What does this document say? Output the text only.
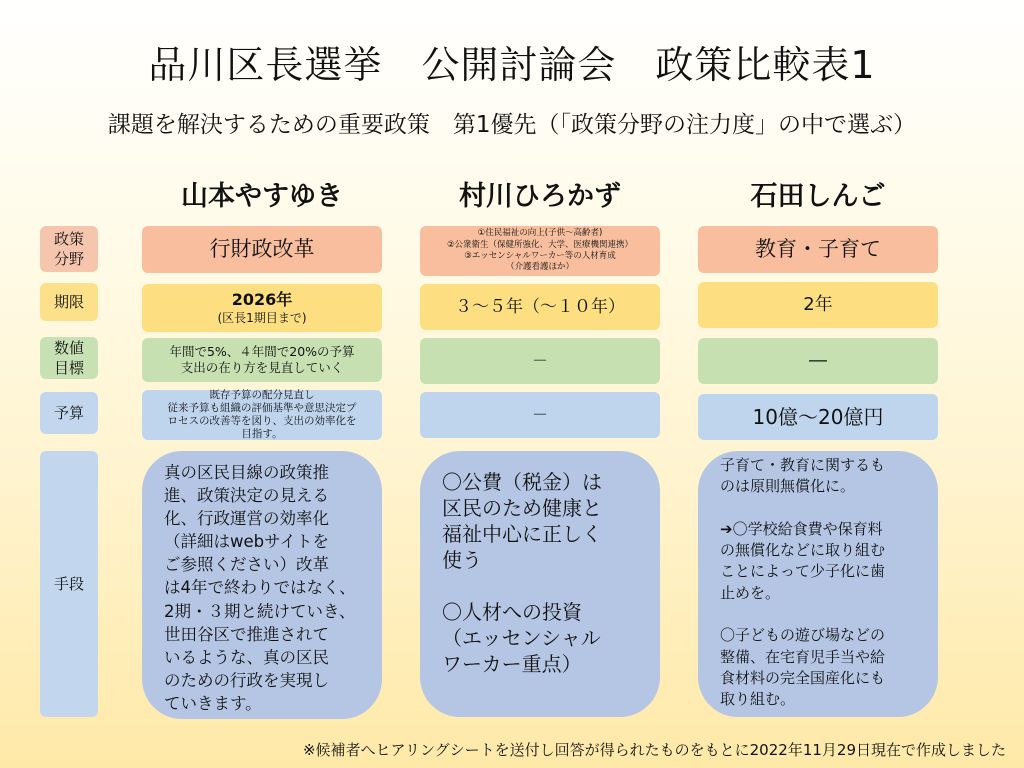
品川区長選挙　公開討論会　政策比較表1
課題を解決するための重要政策　第1優先（「政策分野の注力度」の中で選ぶ）
山本やすゆき	村川ひろかず	石田しんご
政策
分野
期限
数値
目標
予算
手段
行財政改革
2026年
(区長1期目まで)
年間で5%、４年間で20%の予算
支出の在り方を見直していく
既存予算の配分見直し
従来予算も組織の評価基準や意思決定プ
ロセスの改善等を図り、支出の効率化を
目指す。
真の区民目線の政策推
進、政策決定の見える
化、行政運営の効率化
（詳細はwebサイトを
ご参照ください）改革
は4年で終わりではなく、
2期・３期と続けていき、
世田谷区で推進されて
いるような、真の区民
のための行政を実現し
ていきます。
①住民福祉の向上(子供～高齢者)
②公衆衛生（保健所強化、大学、医療機関連携）
③エッセンシャルワーカー等の人材育成
（介護看護ほか）
３～５年（～１０年）
－
－
〇公費（税金）は
区民のため健康と
福祉中心に正しく
使う

〇人材への投資
（エッセンシャル
ワーカー重点）
教育・子育て
2年
―
10億～20億円
子育て・教育に関するも
のは原則無償化に。

➔〇学校給食費や保育料
の無償化などに取り組む
ことによって少子化に歯
止めを。

〇子どもの遊び場などの
整備、在宅育児手当や給
食材料の完全国産化にも
取り組む。
※候補者へヒアリングシートを送付し回答が得られたものをもとに2022年11月29日現在で作成しました
